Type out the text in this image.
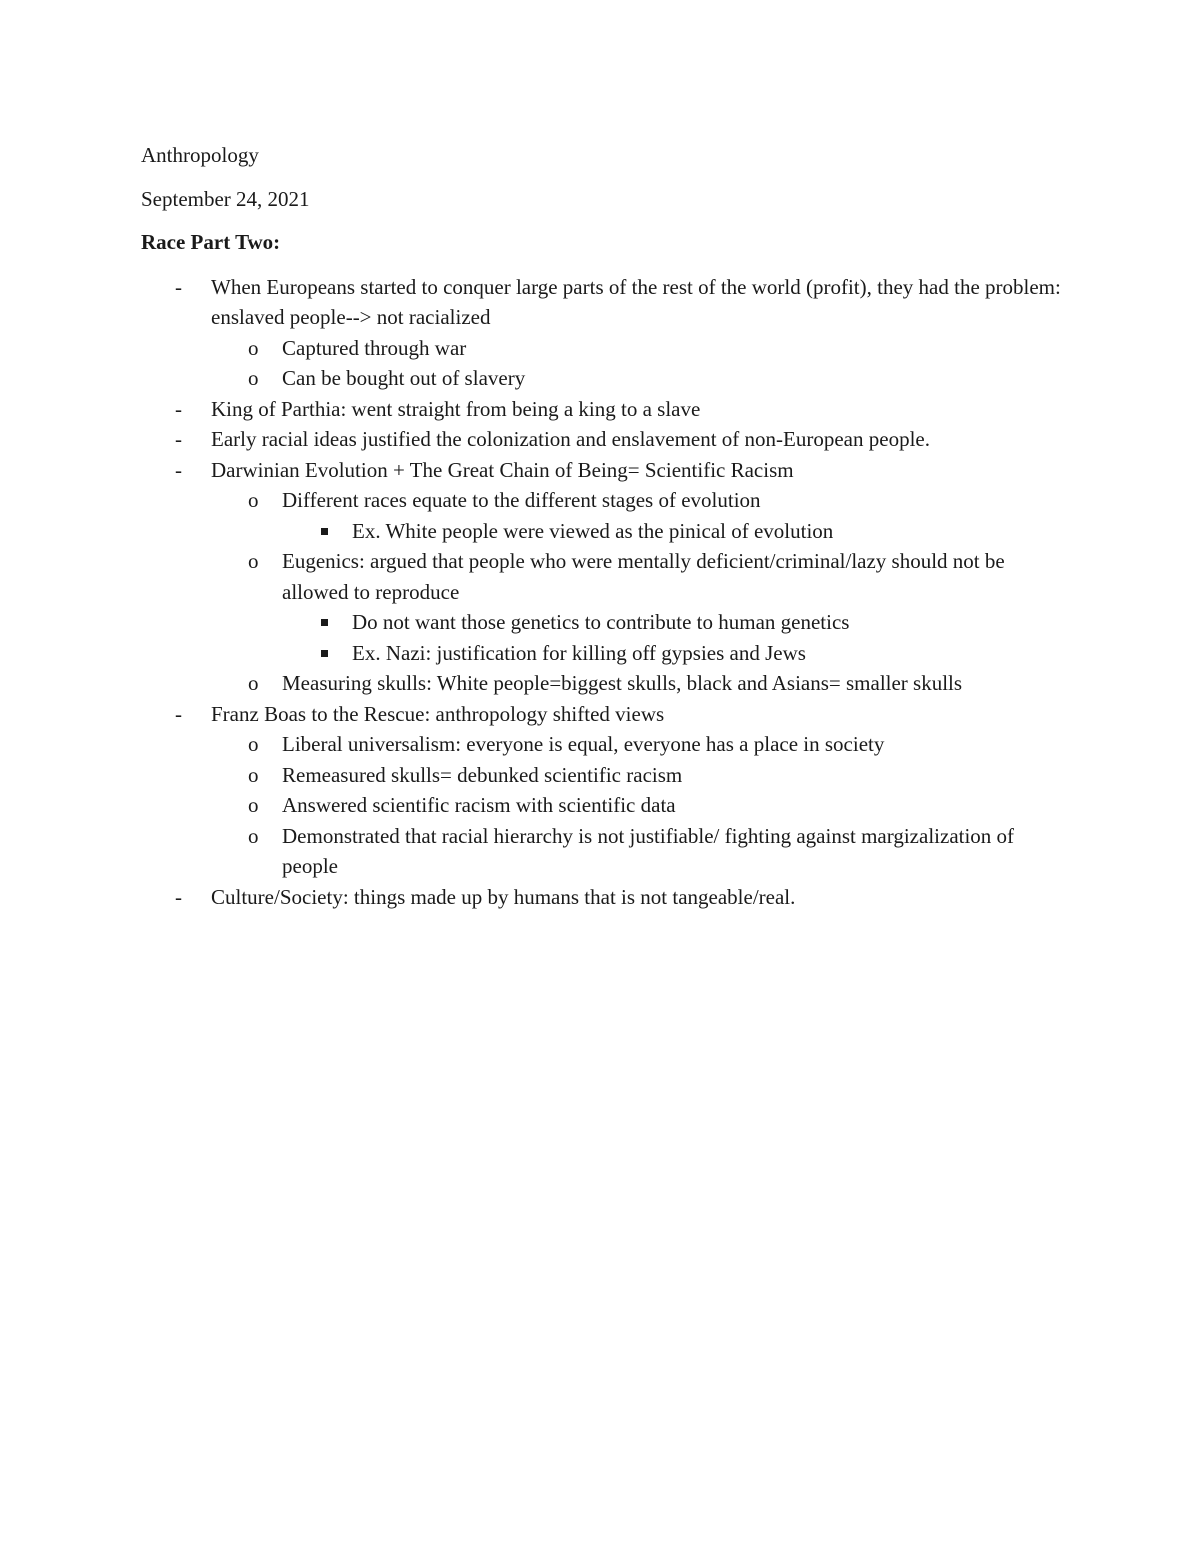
Anthropology

September 24, 2021

Race Part Two:

- When Europeans started to conquer large parts of the rest of the world (profit), they had the problem: enslaved people--> not racialized
o Captured through war
o Can be bought out of slavery
- King of Parthia: went straight from being a king to a slave
- Early racial ideas justified the colonization and enslavement of non-European people.
- Darwinian Evolution + The Great Chain of Being= Scientific Racism
o Different races equate to the different stages of evolution
Ex. White people were viewed as the pinical of evolution
o Eugenics: argued that people who were mentally deficient/criminal/lazy should not be allowed to reproduce
Do not want those genetics to contribute to human genetics
Ex. Nazi: justification for killing off gypsies and Jews
o Measuring skulls: White people=biggest skulls, black and Asians= smaller skulls
- Franz Boas to the Rescue: anthropology shifted views
o Liberal universalism: everyone is equal, everyone has a place in society
o Remeasured skulls= debunked scientific racism
o Answered scientific racism with scientific data
o Demonstrated that racial hierarchy is not justifiable/ fighting against margizalization of people
- Culture/Society: things made up by humans that is not tangeable/real.
